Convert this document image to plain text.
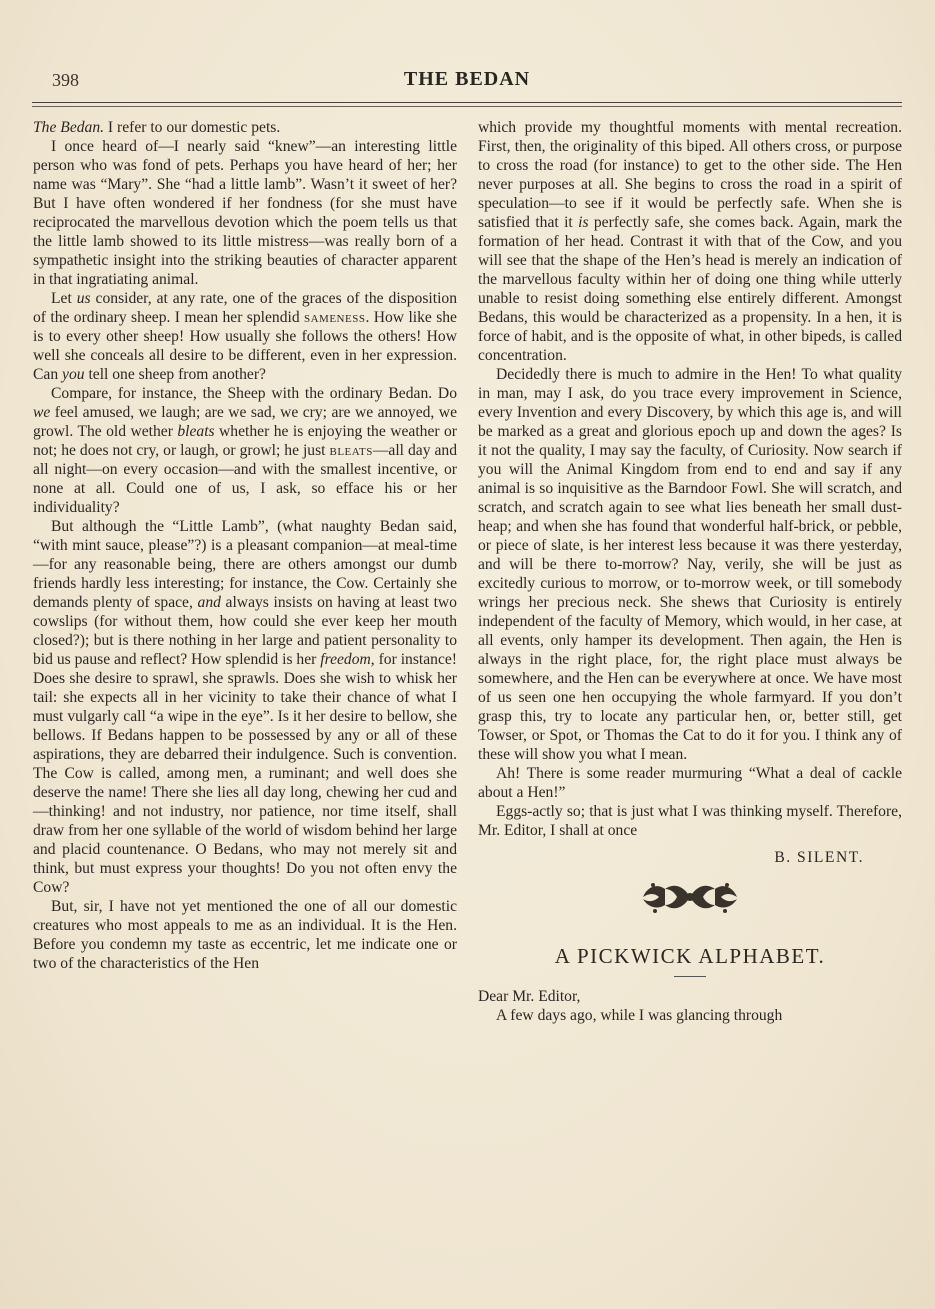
398	THE BEDAN

The Bedan. I refer to our domestic pets.

I once heard of—I nearly said “knew”—an interesting little person who was fond of pets. Perhaps you have heard of her; her name was “Mary”. She “had a little lamb”. Wasn’t it sweet of her? But I have often wondered if her fondness (for she must have reciprocated the marvellous devotion which the poem tells us that the little lamb showed to its little mistress—was really born of a sympathetic insight into the striking beauties of character apparent in that ingratiating animal.

Let us consider, at any rate, one of the graces of the disposition of the ordinary sheep. I mean her splendid sameness. How like she is to every other sheep! How usually she follows the others! How well she conceals all desire to be different, even in her expression. Can you tell one sheep from another?

Compare, for instance, the Sheep with the ordinary Bedan. Do we feel amused, we laugh; are we sad, we cry; are we annoyed, we growl. The old wether bleats whether he is enjoying the weather or not; he does not cry, or laugh, or growl; he just bleats—all day and all night—on every occasion—and with the smallest incentive, or none at all. Could one of us, I ask, so efface his or her individuality?

But although the “Little Lamb”, (what naughty Bedan said, “with mint sauce, please”?) is a pleasant companion—at meal-time—for any reasonable being, there are others amongst our dumb friends hardly less interesting; for instance, the Cow. Certainly she demands plenty of space, and always insists on having at least two cowslips (for without them, how could she ever keep her mouth closed?); but is there nothing in her large and patient personality to bid us pause and reflect? How splendid is her freedom, for instance! Does she desire to sprawl, she sprawls. Does she wish to whisk her tail: she expects all in her vicinity to take their chance of what I must vulgarly call “a wipe in the eye”. Is it her desire to bellow, she bellows. If Bedans happen to be possessed by any or all of these aspirations, they are debarred their indulgence. Such is convention. The Cow is called, among men, a ruminant; and well does she deserve the name! There she lies all day long, chewing her cud and—thinking! and not industry, nor patience, nor time itself, shall draw from her one syllable of the world of wisdom behind her large and placid countenance. O Bedans, who may not merely sit and think, but must express your thoughts! Do you not often envy the Cow?

But, sir, I have not yet mentioned the one of all our domestic creatures who most appeals to me as an individual. It is the Hen. Before you condemn my taste as eccentric, let me indicate one or two of the characteristics of the Hen

which provide my thoughtful moments with mental recreation. First, then, the originality of this biped. All others cross, or purpose to cross the road (for instance) to get to the other side. The Hen never purposes at all. She begins to cross the road in a spirit of speculation—to see if it would be perfectly safe. When she is satisfied that it is perfectly safe, she comes back. Again, mark the formation of her head. Contrast it with that of the Cow, and you will see that the shape of the Hen’s head is merely an indication of the marvellous faculty within her of doing one thing while utterly unable to resist doing something else entirely different. Amongst Bedans, this would be characterized as a propensity. In a hen, it is force of habit, and is the opposite of what, in other bipeds, is called concentration.

Decidedly there is much to admire in the Hen! To what quality in man, may I ask, do you trace every improvement in Science, every Invention and every Discovery, by which this age is, and will be marked as a great and glorious epoch up and down the ages? Is it not the quality, I may say the faculty, of Curiosity. Now search if you will the Animal Kingdom from end to end and say if any animal is so inquisitive as the Barndoor Fowl. She will scratch, and scratch, and scratch again to see what lies beneath her small dust-heap; and when she has found that wonderful half-brick, or pebble, or piece of slate, is her interest less because it was there yesterday, and will be there to-morrow? Nay, verily, she will be just as excitedly curious to morrow, or to-morrow week, or till somebody wrings her precious neck. She shews that Curiosity is entirely independent of the faculty of Memory, which would, in her case, at all events, only hamper its development. Then again, the Hen is always in the right place, for, the right place must always be somewhere, and the Hen can be everywhere at once. We have most of us seen one hen occupying the whole farmyard. If you don’t grasp this, try to locate any particular hen, or, better still, get Towser, or Spot, or Thomas the Cat to do it for you. I think any of these will show you what I mean.

Ah! There is some reader murmuring “What a deal of cackle about a Hen!”

Eggs-actly so; that is just what I was thinking myself. Therefore, Mr. Editor, I shall at once

B. SILENT.
A PICKWICK ALPHABET.

Dear Mr. Editor,

A few days ago, while I was glancing through
